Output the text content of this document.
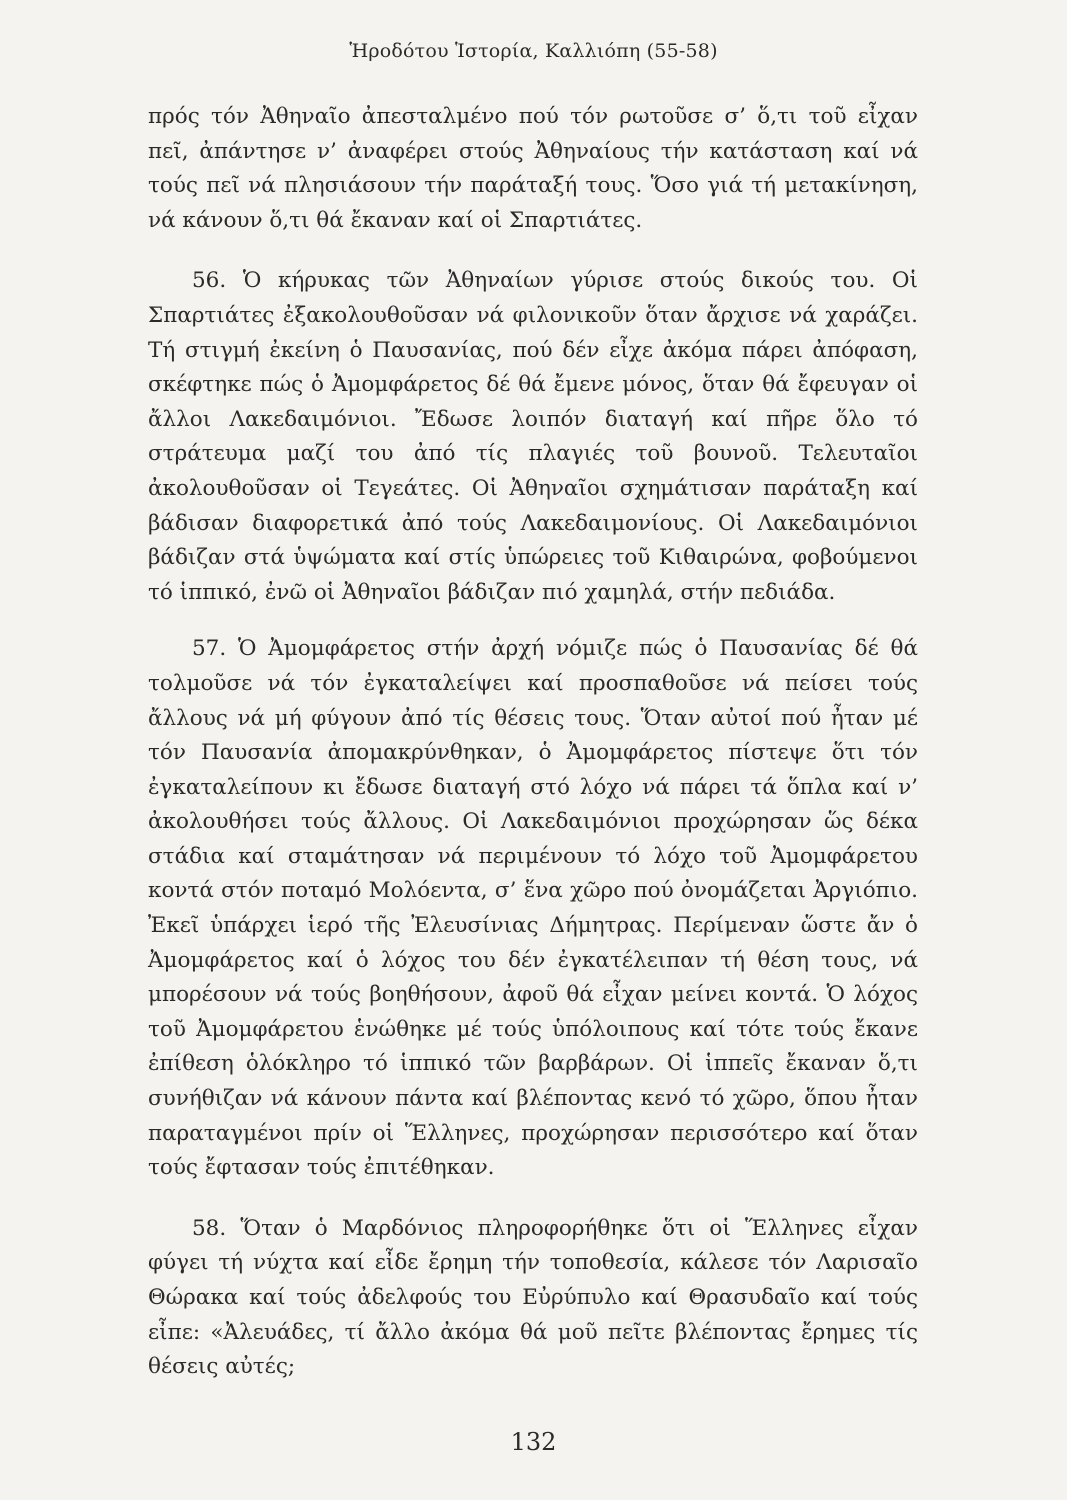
Ἡροδότου Ἱστορία, Καλλιόπη (55-58)

πρός τόν Ἀθηναῖο ἀπεσταλμένο πού τόν ρωτοῦσε σ’ ὅ,τι τοῦ εἶχαν πεῖ, ἀπάντησε ν’ ἀναφέρει στούς Ἀθηναίους τήν κατάσταση καί νά τούς πεῖ νά πλησιάσουν τήν παράταξή τους. Ὅσο γιά τή μετακίνηση, νά κάνουν ὅ,τι θά ἔκαναν καί οἱ Σπαρτιάτες.

56. Ὁ κήρυκας τῶν Ἀθηναίων γύρισε στούς δικούς του. Οἱ Σπαρτιάτες ἐξακολουθοῦσαν νά φιλονικοῦν ὅταν ἄρχισε νά χαράζει. Τή στιγμή ἐκείνη ὁ Παυσανίας, πού δέν εἶχε ἀκόμα πάρει ἀπόφαση, σκέφτηκε πώς ὁ Ἀμομφάρετος δέ θά ἔμενε μόνος, ὅταν θά ἔφευγαν οἱ ἄλλοι Λακεδαιμόνιοι. Ἔδωσε λοιπόν διαταγή καί πῆρε ὅλο τό στράτευμα μαζί του ἀπό τίς πλαγιές τοῦ βουνοῦ. Τελευταῖοι ἀκολουθοῦσαν οἱ Τεγεάτες. Οἱ Ἀθηναῖοι σχημάτισαν παράταξη καί βάδισαν διαφορετικά ἀπό τούς Λακεδαιμονίους. Οἱ Λακεδαιμόνιοι βάδιζαν στά ὑψώματα καί στίς ὑπώρειες τοῦ Κιθαιρώνα, φοβούμενοι τό ἱππικό, ἐνῶ οἱ Ἀθηναῖοι βάδιζαν πιό χαμηλά, στήν πεδιάδα.

57. Ὁ Ἀμομφάρετος στήν ἀρχή νόμιζε πώς ὁ Παυσανίας δέ θά τολμοῦσε νά τόν ἐγκαταλείψει καί προσπαθοῦσε νά πείσει τούς ἄλλους νά μή φύγουν ἀπό τίς θέσεις τους. Ὅταν αὐτοί πού ἦταν μέ τόν Παυσανία ἀπομακρύνθηκαν, ὁ Ἀμομφάρετος πίστεψε ὅτι τόν ἐγκαταλείπουν κι ἔδωσε διαταγή στό λόχο νά πάρει τά ὅπλα καί ν’ ἀκολουθήσει τούς ἄλλους. Οἱ Λακεδαιμόνιοι προχώρησαν ὥς δέκα στάδια καί σταμάτησαν νά περιμένουν τό λόχο τοῦ Ἀμομφάρετου κοντά στόν ποταμό Μολόεντα, σ’ ἕνα χῶρο πού ὀνομάζεται Ἀργιόπιο. Ἐκεῖ ὑπάρχει ἱερό τῆς Ἐλευσίνιας Δήμητρας. Περίμεναν ὥστε ἄν ὁ Ἀμομφάρετος καί ὁ λόχος του δέν ἐγκατέλειπαν τή θέση τους, νά μπορέσουν νά τούς βοηθήσουν, ἀφοῦ θά εἶχαν μείνει κοντά. Ὁ λόχος τοῦ Ἀμομφάρετου ἑνώθηκε μέ τούς ὑπόλοιπους καί τότε τούς ἔκανε ἐπίθεση ὁλόκληρο τό ἱππικό τῶν βαρβάρων. Οἱ ἱππεῖς ἔκαναν ὅ,τι συνήθιζαν νά κάνουν πάντα καί βλέποντας κενό τό χῶρο, ὅπου ἦταν παραταγμένοι πρίν οἱ Ἕλληνες, προχώρησαν περισσότερο καί ὅταν τούς ἔφτασαν τούς ἐπιτέθηκαν.

58. Ὅταν ὁ Μαρδόνιος πληροφορήθηκε ὅτι οἱ Ἕλληνες εἶχαν φύγει τή νύχτα καί εἶδε ἔρημη τήν τοποθεσία, κάλεσε τόν Λαρισαῖο Θώρακα καί τούς ἀδελφούς του Εὐρύπυλο καί Θρασυδαῖο καί τούς εἶπε: «Ἀλευάδες, τί ἄλλο ἀκόμα θά μοῦ πεῖτε βλέποντας ἔρημες τίς θέσεις αὐτές;

132
